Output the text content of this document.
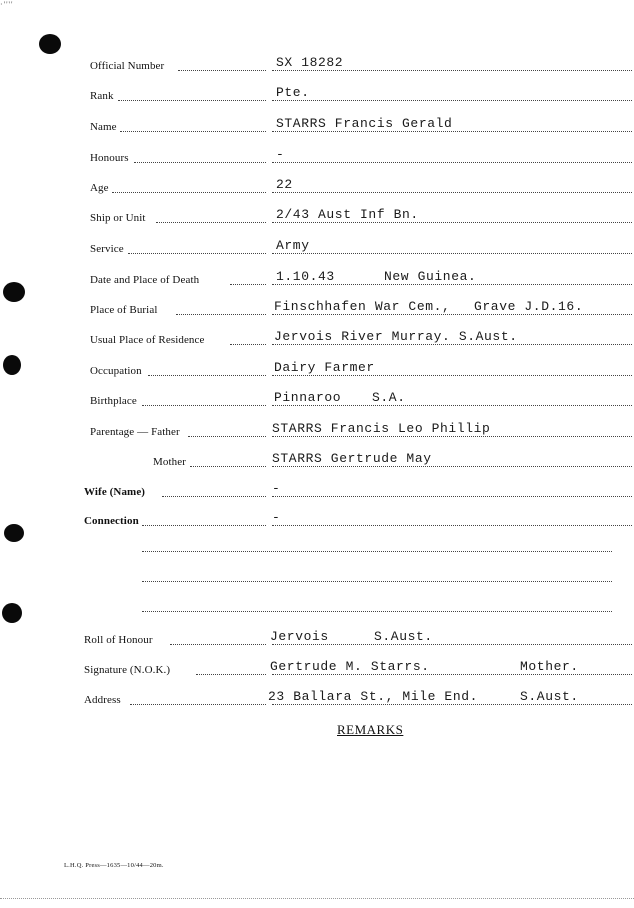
·''''
Official Number	SX 18282
Rank	Pte.
Name	STARRS Francis Gerald
Honours	-
Age	22
Ship or Unit	2/43 Aust Inf Bn.
Service	Army
Date and Place of Death	1.10.43	New Guinea.
Place of Burial	Finschhafen War Cem., Grave J.D.16.
Usual Place of Residence	Jervois River Murray. S.Aust.
Occupation	Dairy Farmer
Birthplace	Pinnaroo S.A.
Parentage — Father	STARRS Francis Leo Phillip
Mother	STARRS Gertrude May
Wife (Name)	-
Connection	-
Roll of Honour	Jervois	S.Aust.
Signature (N.O.K.)	Gertrude M. Starrs.	Mother.
Address	23 Ballara St., Mile End.	S.Aust.
REMARKS
L.H.Q. Press—1635—10/44—20m.
